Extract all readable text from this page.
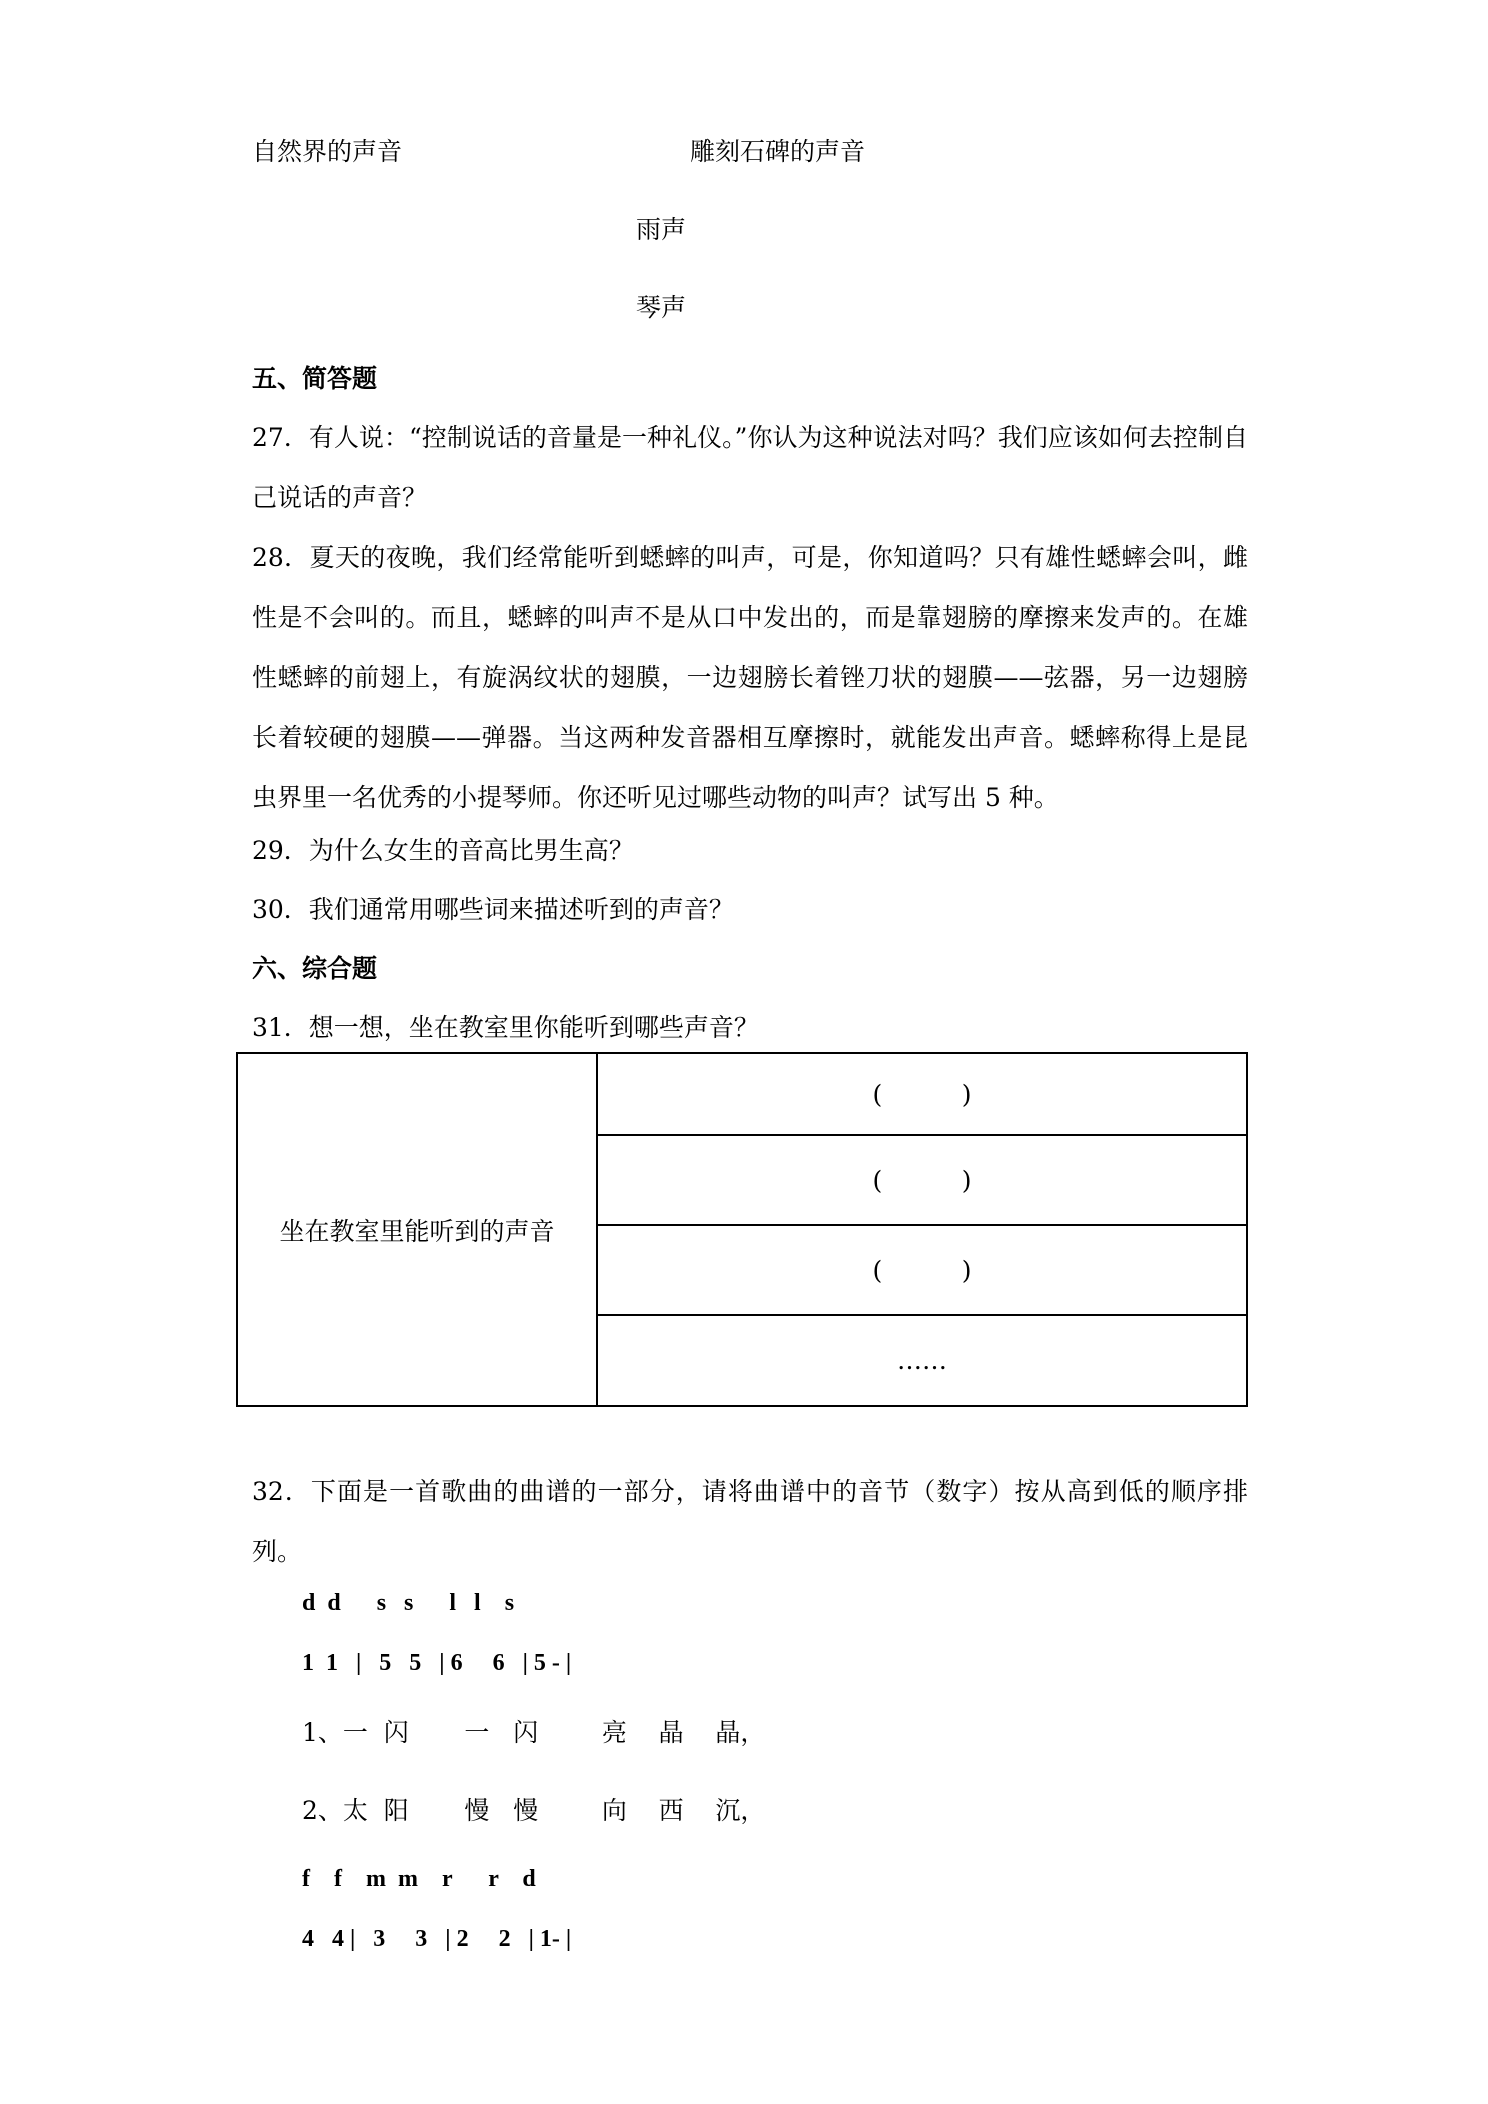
自然界的声音	雕刻石碑的声音
雨声
琴声
五、简答题
27．有人说：“控制说话的音量是一种礼仪。”你认为这种说法对吗？我们应该如何去控制自己说话的声音？
28．夏天的夜晚，我们经常能听到蟋蟀的叫声，可是，你知道吗？只有雄性蟋蟀会叫，雌性是不会叫的。而且，蟋蟀的叫声不是从口中发出的，而是靠翅膀的摩擦来发声的。在雄性蟋蟀的前翅上，有旋涡纹状的翅膜，一边翅膀长着锉刀状的翅膜——弦器，另一边翅膀长着较硬的翅膜——弹器。当这两种发音器相互摩擦时，就能发出声音。蟋蟀称得上是昆虫界里一名优秀的小提琴师。你还听见过哪些动物的叫声？试写出 5 种。
29．为什么女生的音高比男生高？
30．我们通常用哪些词来描述听到的声音？
六、综合题
31．想一想，坐在教室里你能听到哪些声音？
坐在教室里能听到的声音	(          )
(          )
(          )
……
32．下面是一首歌曲的曲谱的一部分，请将曲谱中的音节（数字）按从高到低的顺序排列。
d  d      s   s      l   l    s
1  1   |   5   5   | 6     6   | 5 - |
1、一  闪       一   闪        亮    晶    晶，
2、太  阳       慢   慢        向    西    沉，
f    f    m  m    r      r    d
4   4 |   3     3   | 2     2   | 1- |
